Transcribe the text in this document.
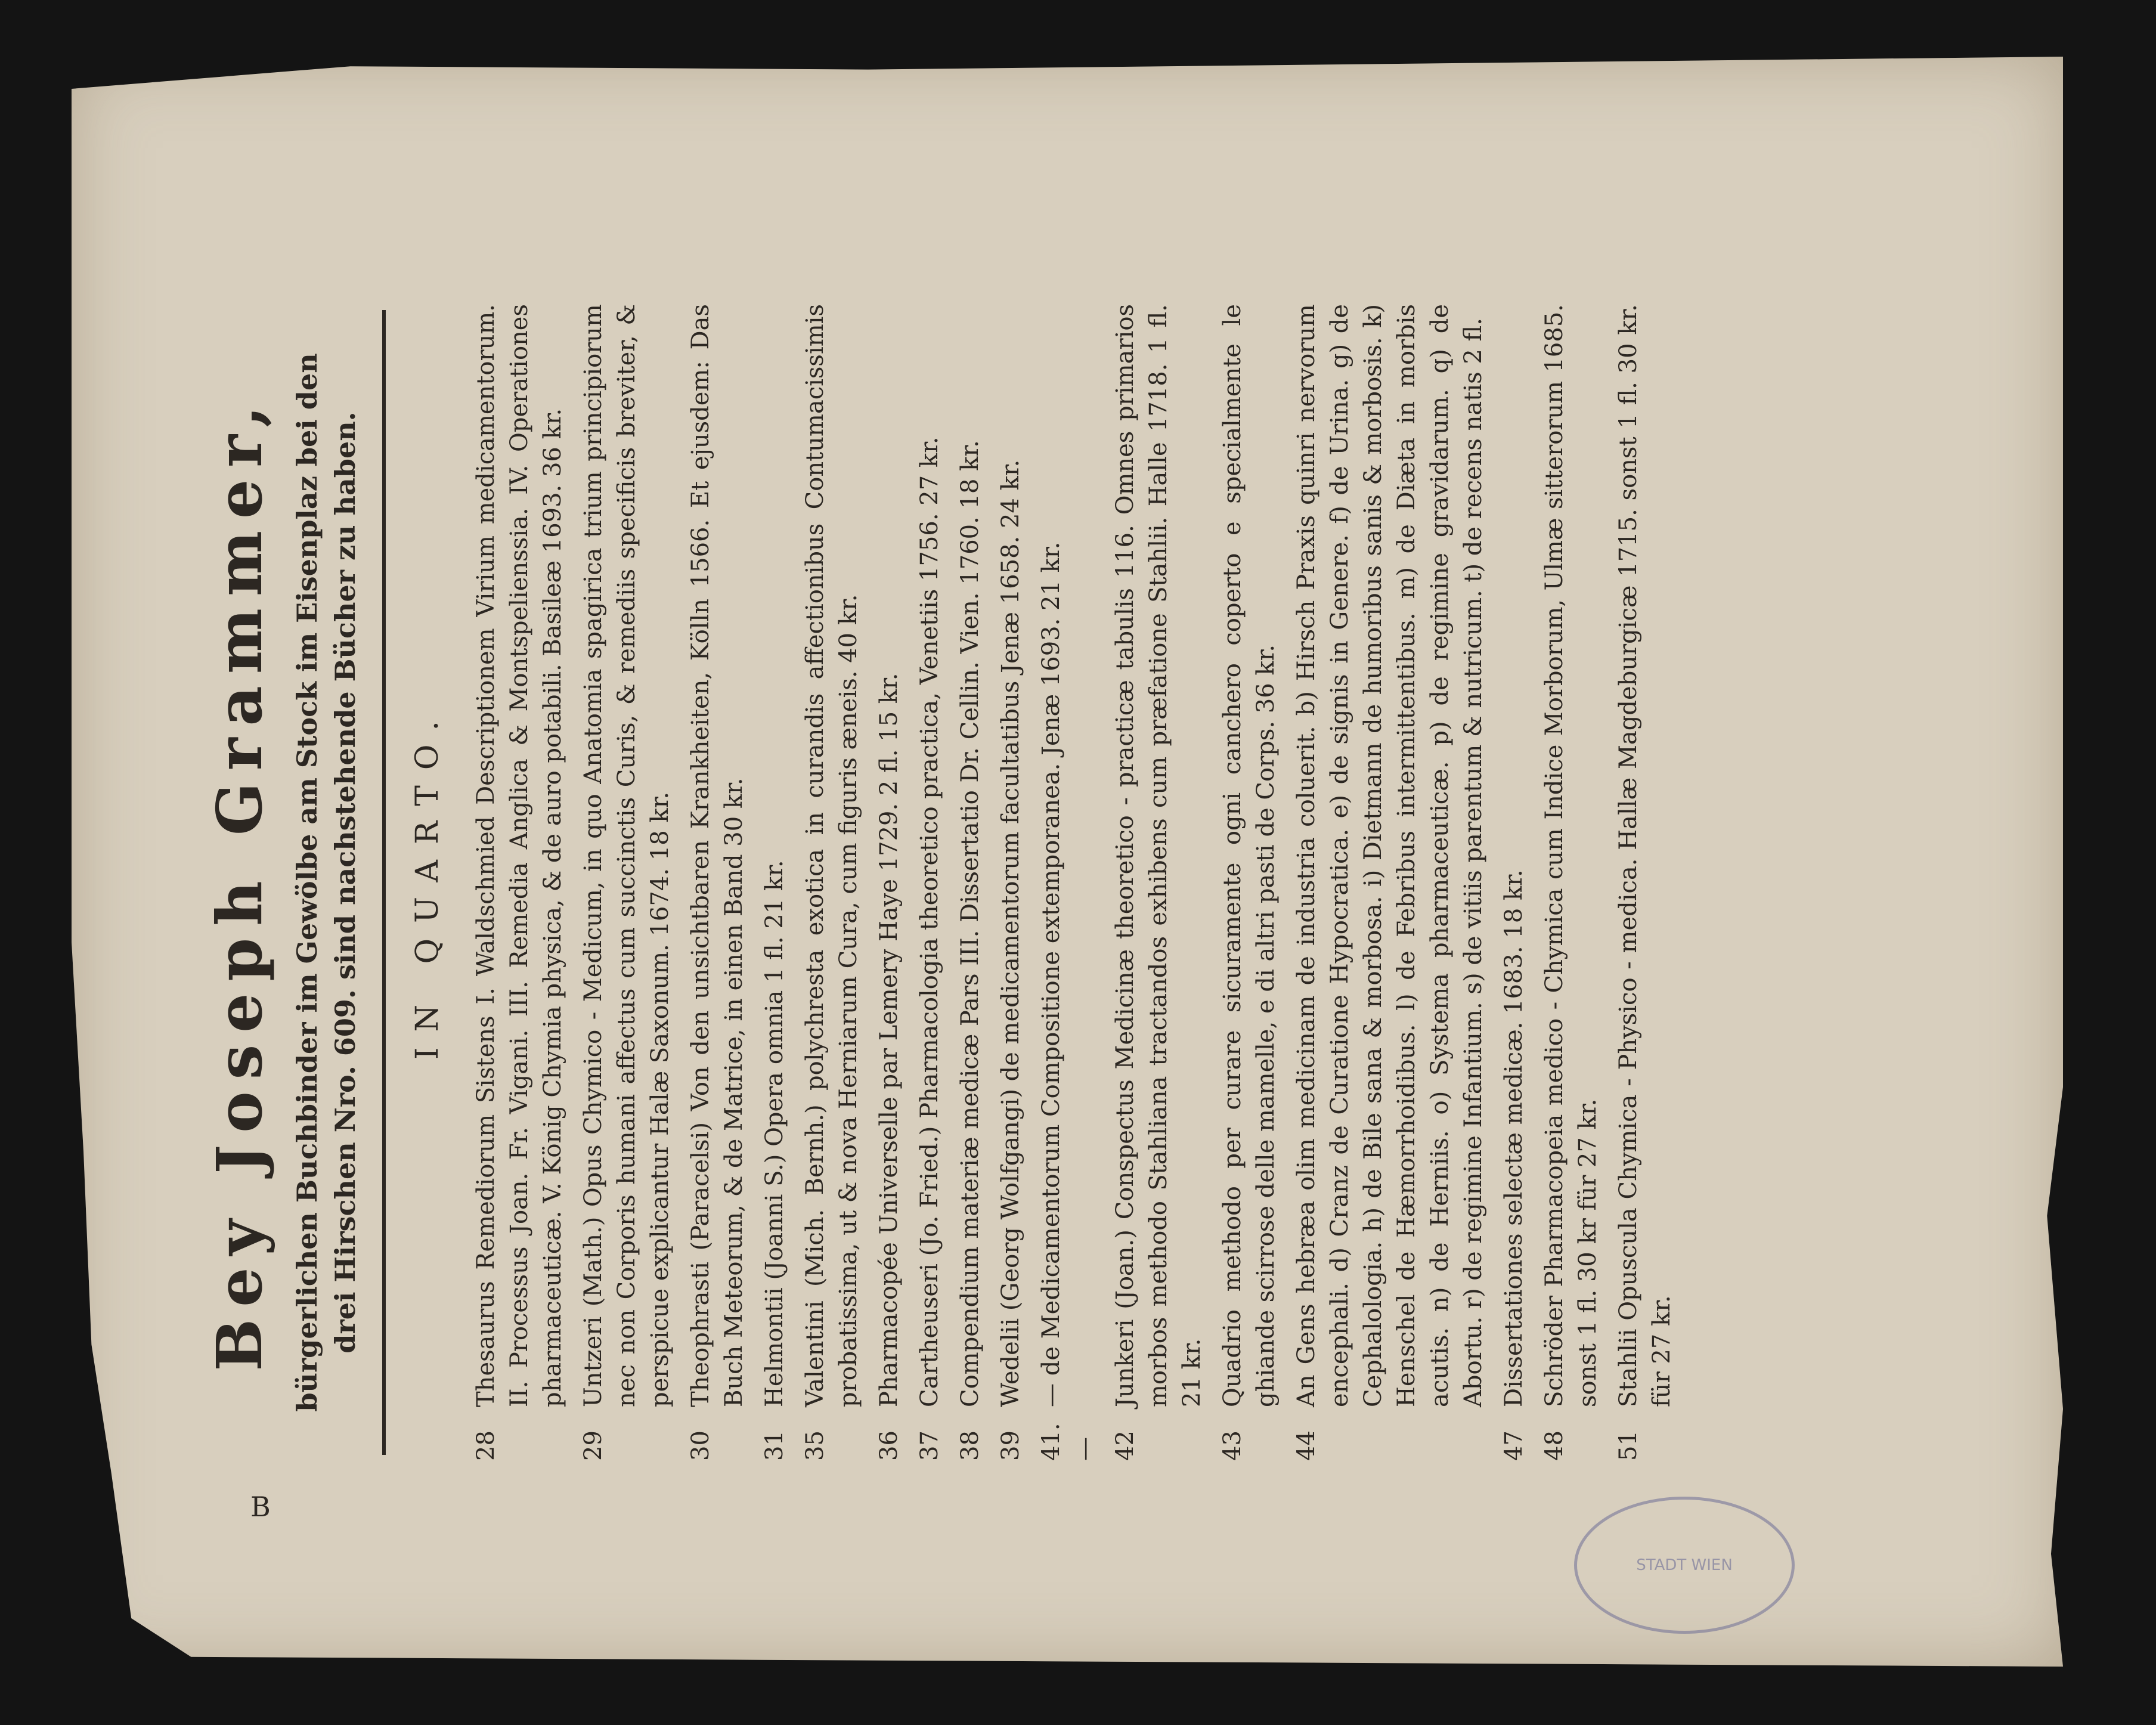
Bey Joseph Grammer, bürgerlichen Buchbinder im Gewölbe am Stock im Eisenplaz bei den drei Hirschen Nro. 609. sind nachstehende Bücher zu haben. IN QUARTO.
28
Thesaurus Remediorum Sistens I. Waldschmied Descriptionem Virium medicamentorum. II. Processus Joan. Fr. Vigani. III. Remedia Anglica & Montspelienssia. IV. Operationes pharmaceuticæ. V. König Chymia physica, & de auro potabili. Basileæ 1693. 36 kr.
29
Untzeri (Math.) Opus Chymico - Medicum, in quo Anatomia spagirica trium principiorum nec non Corporis humani affectus cum succinctis Curis, & remediis specificis breviter, & perspicue explicantur Halæ Saxonum. 1674. 18 kr.
30
Theophrasti (Paracelsi) Von den unsichtbaren Krankheiten, Kölln 1566. Et ejusdem: Das Buch Meteorum, & de Matrice, in einen Band 30 kr.
31
Helmontii (Joanni S.) Opera omnia 1 fl. 21 kr.
35
Valentini (Mich. Bernh.) polychresta exotica in curandis affectionibus Contumacissimis probatissima, ut & nova Herniarum Cura, cum figuris æneis. 40 kr.
36
Pharmacopée Universelle par Lemery Haye 1729. 2 fl. 15 kr.
37
Cartheuseri (Jo. Fried.) Pharmacologia theoretico practica, Venetiis 1756. 27 kr.
38
Compendium materiæ medicæ Pars III. Dissertatio Dr. Cellin. Vien. 1760. 18 kr.
39
Wedelii (Georg Wolfgangi) de medicamentorum facultatibus Jenæ 1658. 24 kr.
41. —
— de Medicamentorum Compositione extemporanea. Jenæ 1693. 21 kr.
42
Junkeri (Joan.) Conspectus Medicinæ theoretico - practicæ tabulis 116. Omnes primarios morbos methodo Stahliana tractandos exhibens cum præfatione Stahlii. Halle 1718. 1 fl. 21 kr.
43
Quadrio methodo per curare sicuramente ogni canchero coperto e specialmente le ghiande scirrose delle mamelle, e di altri pasti de Corps. 36 kr.
44
An Gens hebræa olim medicinam de industria coluerit. b) Hirsch Praxis quinri nervorum encephali. d) Cranz de Curatione Hypocratica. e) de signis in Genere. f) de Urina. g) de Cephalologia. h) de Bile sana & morbosa. i) Dietmann de humoribus sanis & morbosis. k) Henschel de Hæmorrhoidibus. l) de Febribus intermittentibus. m) de Diæta in morbis acutis. n) de Herniis. o) Systema pharmaceuticæ. p) de regimine gravidarum. q) de Abortu. r) de regimine Infantium. s) de vitiis parentum & nutricum. t) de recens natis 2 fl.
47
Dissertationes selectæ medicæ. 1683. 18 kr.
48
Schröder Pharmacopeia medico - Chymica cum Indice Morborum, Ulmæ sitterorum 1685. sonst 1 fl. 30 kr für 27 kr.
51
Stahlii Opuscula Chymica - Physico - medica. Hallæ Magdeburgicæ 1715. sonst 1 fl. 30 kr. für 27 kr.
B
STADT WIEN
